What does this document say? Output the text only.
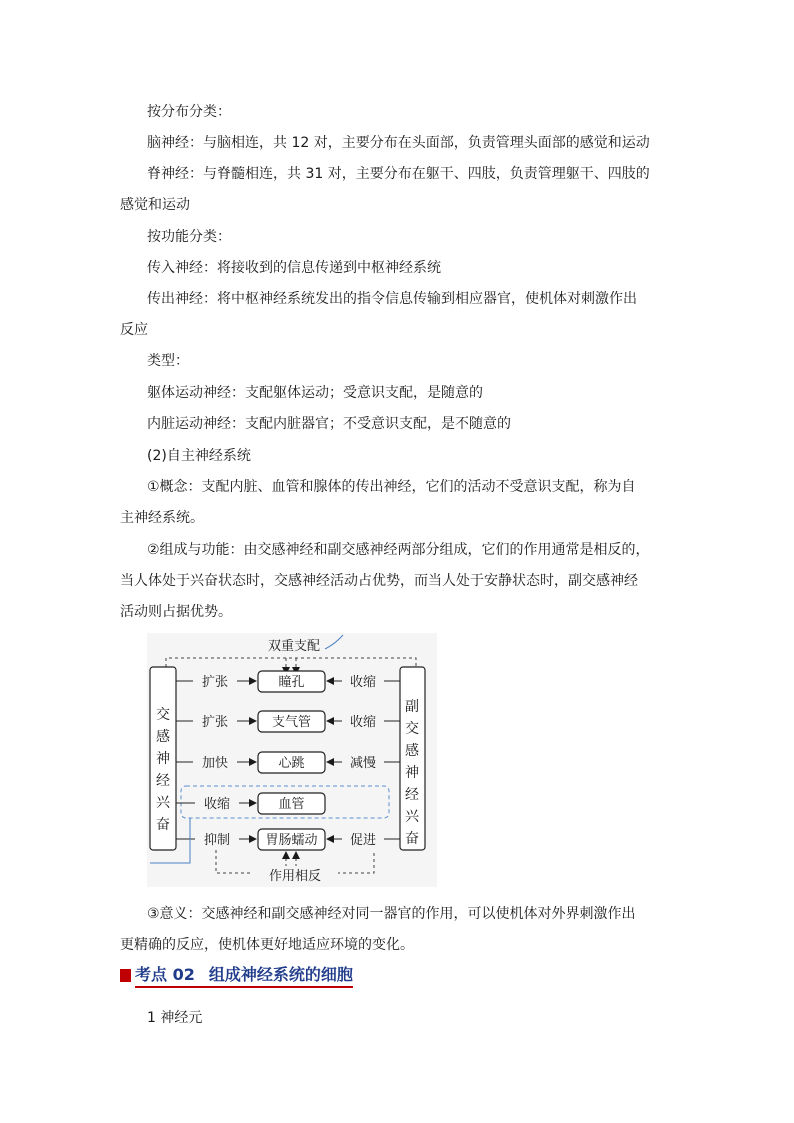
按分布分类：
脑神经：与脑相连，共 12 对，主要分布在头面部，负责管理头面部的感觉和运动
脊神经：与脊髓相连，共 31 对，主要分布在躯干、四肢，负责管理躯干、四肢的
感觉和运动
按功能分类：
传入神经：将接收到的信息传递到中枢神经系统
传出神经：将中枢神经系统发出的指令信息传输到相应器官，使机体对刺激作出
反应
类型：
躯体运动神经：支配躯体运动；受意识支配，是随意的
内脏运动神经：支配内脏器官；不受意识支配，是不随意的
(2)自主神经系统
①概念：支配内脏、血管和腺体的传出神经，它们的活动不受意识支配，称为自
主神经系统。
②组成与功能：由交感神经和副交感神经两部分组成，它们的作用通常是相反的，
当人体处于兴奋状态时，交感神经活动占优势，而当人处于安静状态时，副交感神经
活动则占据优势。
双重支配
交感神经兴奋
副交感神经兴奋
瞳孔
支气管
心跳
血管
胃肠蠕动
扩张	收缩
扩张	收缩
加快	减慢
收缩
抑制	促进
作用相反
③意义：交感神经和副交感神经对同一器官的作用，可以使机体对外界刺激作出
更精确的反应，使机体更好地适应环境的变化。
考点 02 组成神经系统的细胞
1 神经元
